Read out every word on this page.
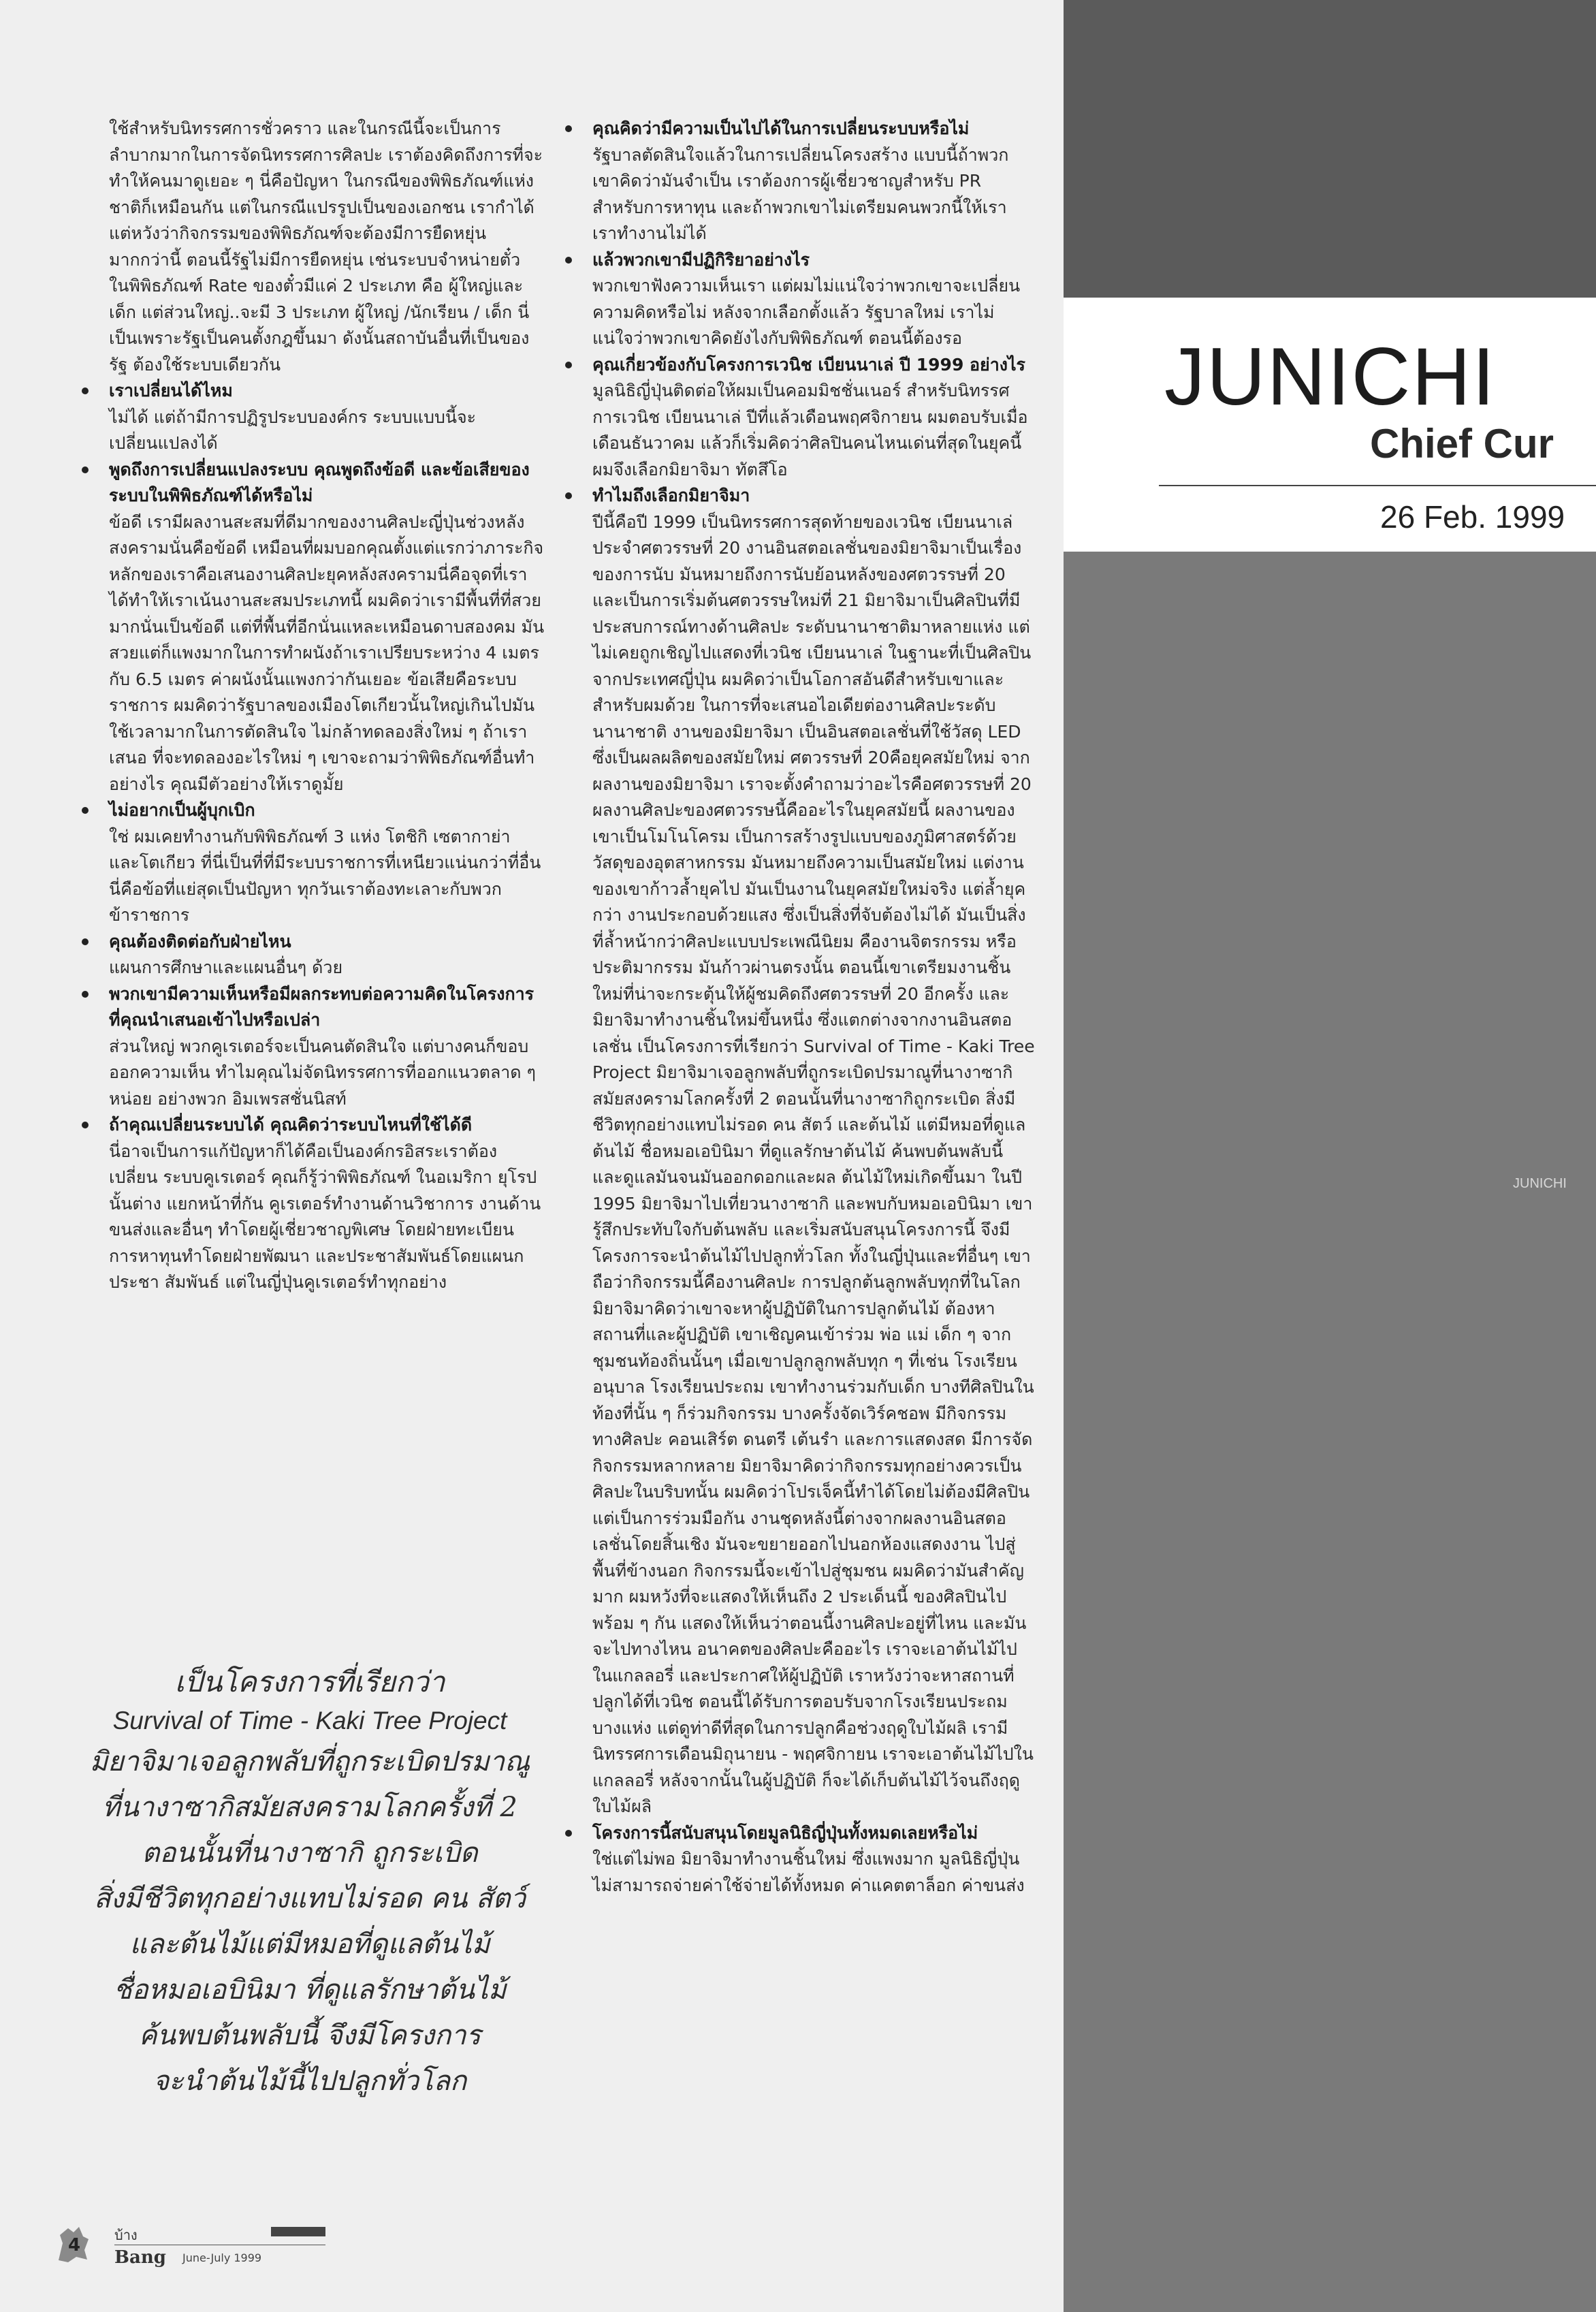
ใช้สำหรับนิทรรศการชั่วคราว และในกรณีนี้จะเป็นการลำบากมากในการจัดนิทรรศการศิลปะ เราต้องคิดถึงการที่จะทำให้คนมาดูเยอะ ๆ นี่คือปัญหา ในกรณีของพิพิธภัณฑ์แห่งชาติก็เหมือนกัน แต่ในกรณีแปรรูปเป็นของเอกชน เรากำได้แต่หวังว่ากิจกรรมของพิพิธภัณฑ์จะต้องมีการยืดหยุ่นมากกว่านี้ ตอนนี้รัฐไม่มีการยืดหยุ่น เช่นระบบจำหน่ายตั๋ว ในพิพิธภัณฑ์ Rate ของตั๋วมีแค่ 2 ประเภท คือ ผู้ใหญ่และเด็ก แต่ส่วนใหญ่..จะมี 3 ประเภท ผู้ใหญ่ /นักเรียน / เด็ก นี่เป็นเพราะรัฐเป็นคนตั้งกฎขึ้นมา ดังนั้นสถาบันอื่นที่เป็นของรัฐ ต้องใช้ระบบเดียวกัน

เราเปลี่ยนได้ไหม

ไม่ได้ แต่ถ้ามีการปฏิรูประบบองค์กร ระบบแบบนี้จะเปลี่ยนแปลงได้

พูดถึงการเปลี่ยนแปลงระบบ คุณพูดถึงข้อดี และข้อเสียของระบบในพิพิธภัณฑ์ได้หรือไม่

ข้อดี เรามีผลงานสะสมที่ดีมากของงานศิลปะญี่ปุ่นช่วงหลังสงครามนั่นคือข้อดี เหมือนที่ผมบอกคุณตั้งแต่แรกว่าภาระกิจหลักของเราคือเสนองานศิลปะยุคหลังสงครามนี่คือจุดที่เราได้ทำให้เราเน้นงานสะสมประเภทนี้ ผมคิดว่าเรามีพื้นที่ที่สวยมากนั่นเป็นข้อดี แต่ที่พื้นที่อีกนั่นแหละเหมือนดาบสองคม มันสวยแต่ก็แพงมากในการทำผนังถ้าเราเปรียบระหว่าง 4 เมตรกับ 6.5 เมตร ค่าผนังนั้นแพงกว่ากันเยอะ ข้อเสียคือระบบราชการ ผมคิดว่ารัฐบาลของเมืองโตเกียวนั้นใหญ่เกินไปมัน ใช้เวลามากในการตัดสินใจ ไม่กล้าทดลองสิ่งใหม่ ๆ ถ้าเราเสนอ ที่จะทดลองอะไรใหม่ ๆ เขาจะถามว่าพิพิธภัณฑ์อื่นทำอย่างไร คุณมีตัวอย่างให้เราดูมั้ย

ไม่อยากเป็นผู้บุกเบิก

ใช่ ผมเคยทำงานกับพิพิธภัณฑ์ 3 แห่ง โตชิกิ เซตากาย่า และโตเกียว ที่นี่เป็นที่ที่มีระบบราชการที่เหนียวแน่นกว่าที่อื่น นี่คือข้อที่แย่สุดเป็นปัญหา ทุกวันเราต้องทะเลาะกับพวกข้าราชการ

คุณต้องติดต่อกับฝ่ายไหน

แผนการศึกษาและแผนอื่นๆ ด้วย

พวกเขามีความเห็นหรือมีผลกระทบต่อความคิดในโครงการที่คุณนำเสนอเข้าไปหรือเปล่า

ส่วนใหญ่ พวกคูเรเตอร์จะเป็นคนตัดสินใจ แต่บางคนก็ขอบออกความเห็น ทำไมคุณไม่จัดนิทรรศการที่ออกแนวตลาด ๆ หน่อย อย่างพวก อิมเพรสชั่นนิสท์

ถ้าคุณเปลี่ยนระบบได้ คุณคิดว่าระบบไหนที่ใช้ได้ดี

นี่อาจเป็นการแก้ปัญหาก็ได้คือเป็นองค์กรอิสระเราต้องเปลี่ยน ระบบคูเรเตอร์ คุณก็รู้ว่าพิพิธภัณฑ์ ในอเมริกา ยุโรปนั้นต่าง แยกหน้าที่กัน คูเรเตอร์ทำงานด้านวิชาการ งานด้านขนส่งและอื่นๆ ทำโดยผู้เชี่ยวชาญพิเศษ โดยฝ่ายทะเบียน การหาทุนทำโดยฝ่ายพัฒนา และประชาสัมพันธ์โดยแผนกประชา สัมพันธ์ แต่ในญี่ปุ่นคูเรเตอร์ทำทุกอย่าง

เป็นโครงการที่เรียกว่า
Survival of Time - Kaki Tree Project
มิยาจิมาเจอลูกพลับที่ถูกระเบิดปรมาณู
ที่นางาซากิสมัยสงครามโลกครั้งที่ 2
ตอนนั้นที่นางาซากิ ถูกระเบิด
สิ่งมีชีวิตทุกอย่างแทบไม่รอด คน สัตว์
และต้นไม้แต่มีหมอที่ดูแลต้นไม้
ชื่อหมอเอบินิมา ที่ดูแลรักษาต้นไม้
ค้นพบต้นพลับนี้ จึงมีโครงการ
จะนำต้นไม้นี้ไปปลูกทั่วโลก

คุณคิดว่ามีความเป็นไปได้ในการเปลี่ยนระบบหรือไม่

รัฐบาลตัดสินใจแล้วในการเปลี่ยนโครงสร้าง แบบนี้ถ้าพวกเขาคิดว่ามันจำเป็น เราต้องการผู้เชี่ยวชาญสำหรับ PR สำหรับการหาทุน และถ้าพวกเขาไม่เตรียมคนพวกนี้ให้เรา เราทำงานไม่ได้

แล้วพวกเขามีปฏิกิริยาอย่างไร

พวกเขาฟังความเห็นเรา แต่ผมไม่แน่ใจว่าพวกเขาจะเปลี่ยนความคิดหรือไม่ หลังจากเลือกตั้งแล้ว รัฐบาลใหม่ เราไม่แน่ใจว่าพวกเขาคิดยังไงกับพิพิธภัณฑ์ ตอนนี้ต้องรอ

คุณเกี่ยวข้องกับโครงการเวนิช เบียนนาเล่ ปี 1999 อย่างไร

มูลนิธิญี่ปุ่นติดต่อให้ผมเป็นคอมมิชชั่นเนอร์ สำหรับนิทรรศการเวนิช เบียนนาเล่ ปีที่แล้วเดือนพฤศจิกายน ผมตอบรับเมื่อเดือนธันวาคม แล้วก็เริ่มคิดว่าศิลปินคนไหนเด่นที่สุดในยุคนี้ ผมจึงเลือกมิยาจิมา ทัตสึโอ

ทำไมถึงเลือกมิยาจิมา

ปีนี้คือปี 1999 เป็นนิทรรศการสุดท้ายของเวนิช เบียนนาเล่ ประจำศตวรรษที่ 20 งานอินสตอเลชั่นของมิยาจิมาเป็นเรื่องของการนับ มันหมายถึงการนับย้อนหลังของศตวรรษที่ 20 และเป็นการเริ่มต้นศตวรรษใหม่ที่ 21 มิยาจิมาเป็นศิลปินที่มีประสบการณ์ทางด้านศิลปะ ระดับนานาชาติมาหลายแห่ง แต่ไม่เคยถูกเชิญไปแสดงที่เวนิช เบียนนาเล่ ในฐานะที่เป็นศิลปินจากประเทศญี่ปุ่น ผมคิดว่าเป็นโอกาสอันดีสำหรับเขาและสำหรับผมด้วย ในการที่จะเสนอไอเดียต่องานศิลปะระดับนานาชาติ งานของมิยาจิมา เป็นอินสตอเลชั่นที่ใช้วัสดุ LED ซึ่งเป็นผลผลิตของสมัยใหม่ ศตวรรษที่ 20คือยุคสมัยใหม่ จากผลงานของมิยาจิมา เราจะตั้งคำถามว่าอะไรคือศตวรรษที่ 20 ผลงานศิลปะของศตวรรษนี้คืออะไรในยุคสมัยนี้ ผลงานของเขาเป็นโมโนโครม เป็นการสร้างรูปแบบของภูมิศาสตร์ด้วยวัสดุของอุตสาหกรรม มันหมายถึงความเป็นสมัยใหม่ แต่งานของเขาก้าวล้ำยุคไป มันเป็นงานในยุคสมัยใหม่จริง แต่ล้ำยุคกว่า งานประกอบด้วยแสง ซึ่งเป็นสิ่งที่จับต้องไม่ได้ มันเป็นสิ่งที่ล้ำหน้ากว่าศิลปะแบบประเพณีนิยม คืองานจิตรกรรม หรือประติมากรรม มันก้าวผ่านตรงนั้น ตอนนี้เขาเตรียมงานชิ้นใหม่ที่น่าจะกระตุ้นให้ผู้ชมคิดถึงศตวรรษที่ 20 อีกครั้ง และมิยาจิมาทำงานชิ้นใหม่ขึ้นหนึ่ง ซึ่งแตกต่างจากงานอินสตอเลชั่น เป็นโครงการที่เรียกว่า Survival of Time - Kaki Tree Project มิยาจิมาเจอลูกพลับที่ถูกระเบิดปรมาณูที่นางาซากิสมัยสงครามโลกครั้งที่ 2 ตอนนั้นที่นางาซากิถูกระเบิด สิ่งมีชีวิตทุกอย่างแทบไม่รอด คน สัตว์ และต้นไม้ แต่มีหมอที่ดูแลต้นไม้ ชื่อหมอเอบินิมา ที่ดูแลรักษาต้นไม้ ค้นพบต้นพลับนี้ และดูแลมันจนมันออกดอกและผล ต้นไม้ใหม่เกิดขึ้นมา ในปี 1995 มิยาจิมาไปเที่ยวนางาซากิ และพบกับหมอเอบินิมา เขารู้สึกประทับใจกับต้นพลับ และเริ่มสนับสนุนโครงการนี้ จึงมีโครงการจะนำต้นไม้ไปปลูกทั่วโลก ทั้งในญี่ปุ่นและที่อื่นๆ เขาถือว่ากิจกรรมนี้คืองานศิลปะ การปลูกต้นลูกพลับทุกที่ในโลก มิยาจิมาคิดว่าเขาจะหาผู้ปฏิบัติในการปลูกต้นไม้ ต้องหาสถานที่และผู้ปฏิบัติ เขาเชิญคนเข้าร่วม พ่อ แม่ เด็ก ๆ จากชุมชนท้องถิ่นนั้นๆ เมื่อเขาปลูกลูกพลับทุก ๆ ที่เช่น โรงเรียนอนุบาล โรงเรียนประถม เขาทำงานร่วมกับเด็ก บางทีศิลปินในท้องที่นั้น ๆ ก็ร่วมกิจกรรม บางครั้งจัดเวิร์คชอพ มีกิจกรรมทางศิลปะ คอนเสิร์ต ดนตรี เต้นรำ และการแสดงสด มีการจัดกิจกรรมหลากหลาย มิยาจิมาคิดว่ากิจกรรมทุกอย่างควรเป็นศิลปะในบริบทนั้น ผมคิดว่าโปรเจ็คนี้ทำได้โดยไม่ต้องมีศิลปินแต่เป็นการร่วมมือกัน งานชุดหลังนี้ต่างจากผลงานอินสตอเลชั่นโดยสิ้นเชิง มันจะขยายออกไปนอกห้องแสดงงาน ไปสู่พื้นที่ข้างนอก กิจกรรมนี้จะเข้าไปสู่ชุมชน ผมคิดว่ามันสำคัญมาก ผมหวังที่จะแสดงให้เห็นถึง 2 ประเด็นนี้ ของศิลปินไปพร้อม ๆ กัน แสดงให้เห็นว่าตอนนี้งานศิลปะอยู่ที่ไหน และมันจะไปทางไหน อนาคตของศิลปะคืออะไร เราจะเอาต้นไม้ไปในแกลลอรี่ และประกาศให้ผู้ปฏิบัติ เราหวังว่าจะหาสถานที่ปลูกได้ที่เวนิช ตอนนี้ได้รับการตอบรับจากโรงเรียนประถมบางแห่ง แต่ดูท่าดีที่สุดในการปลูกคือช่วงฤดูใบไม้ผลิ เรามีนิทรรศการเดือนมิถุนายน - พฤศจิกายน เราจะเอาต้นไม้ไปในแกลลอรี่ หลังจากนั้นในผู้ปฏิบัติ ก็จะได้เก็บต้นไม้ไว้จนถึงฤดูใบไม้ผลิ

โครงการนี้สนับสนุนโดยมูลนิธิญี่ปุ่นทั้งหมดเลยหรือไม่

ใช่แต่ไม่พอ มิยาจิมาทำงานชิ้นใหม่ ซึ่งแพงมาก มูลนิธิญี่ปุ่นไม่สามารถจ่ายค่าใช้จ่ายได้ทั้งหมด ค่าแคตตาล็อก ค่าขนส่ง

4 บ้าง
Bang June-July 1999
JUNICHI
Chief Cur
26 Feb. 1999
JUNICHI
